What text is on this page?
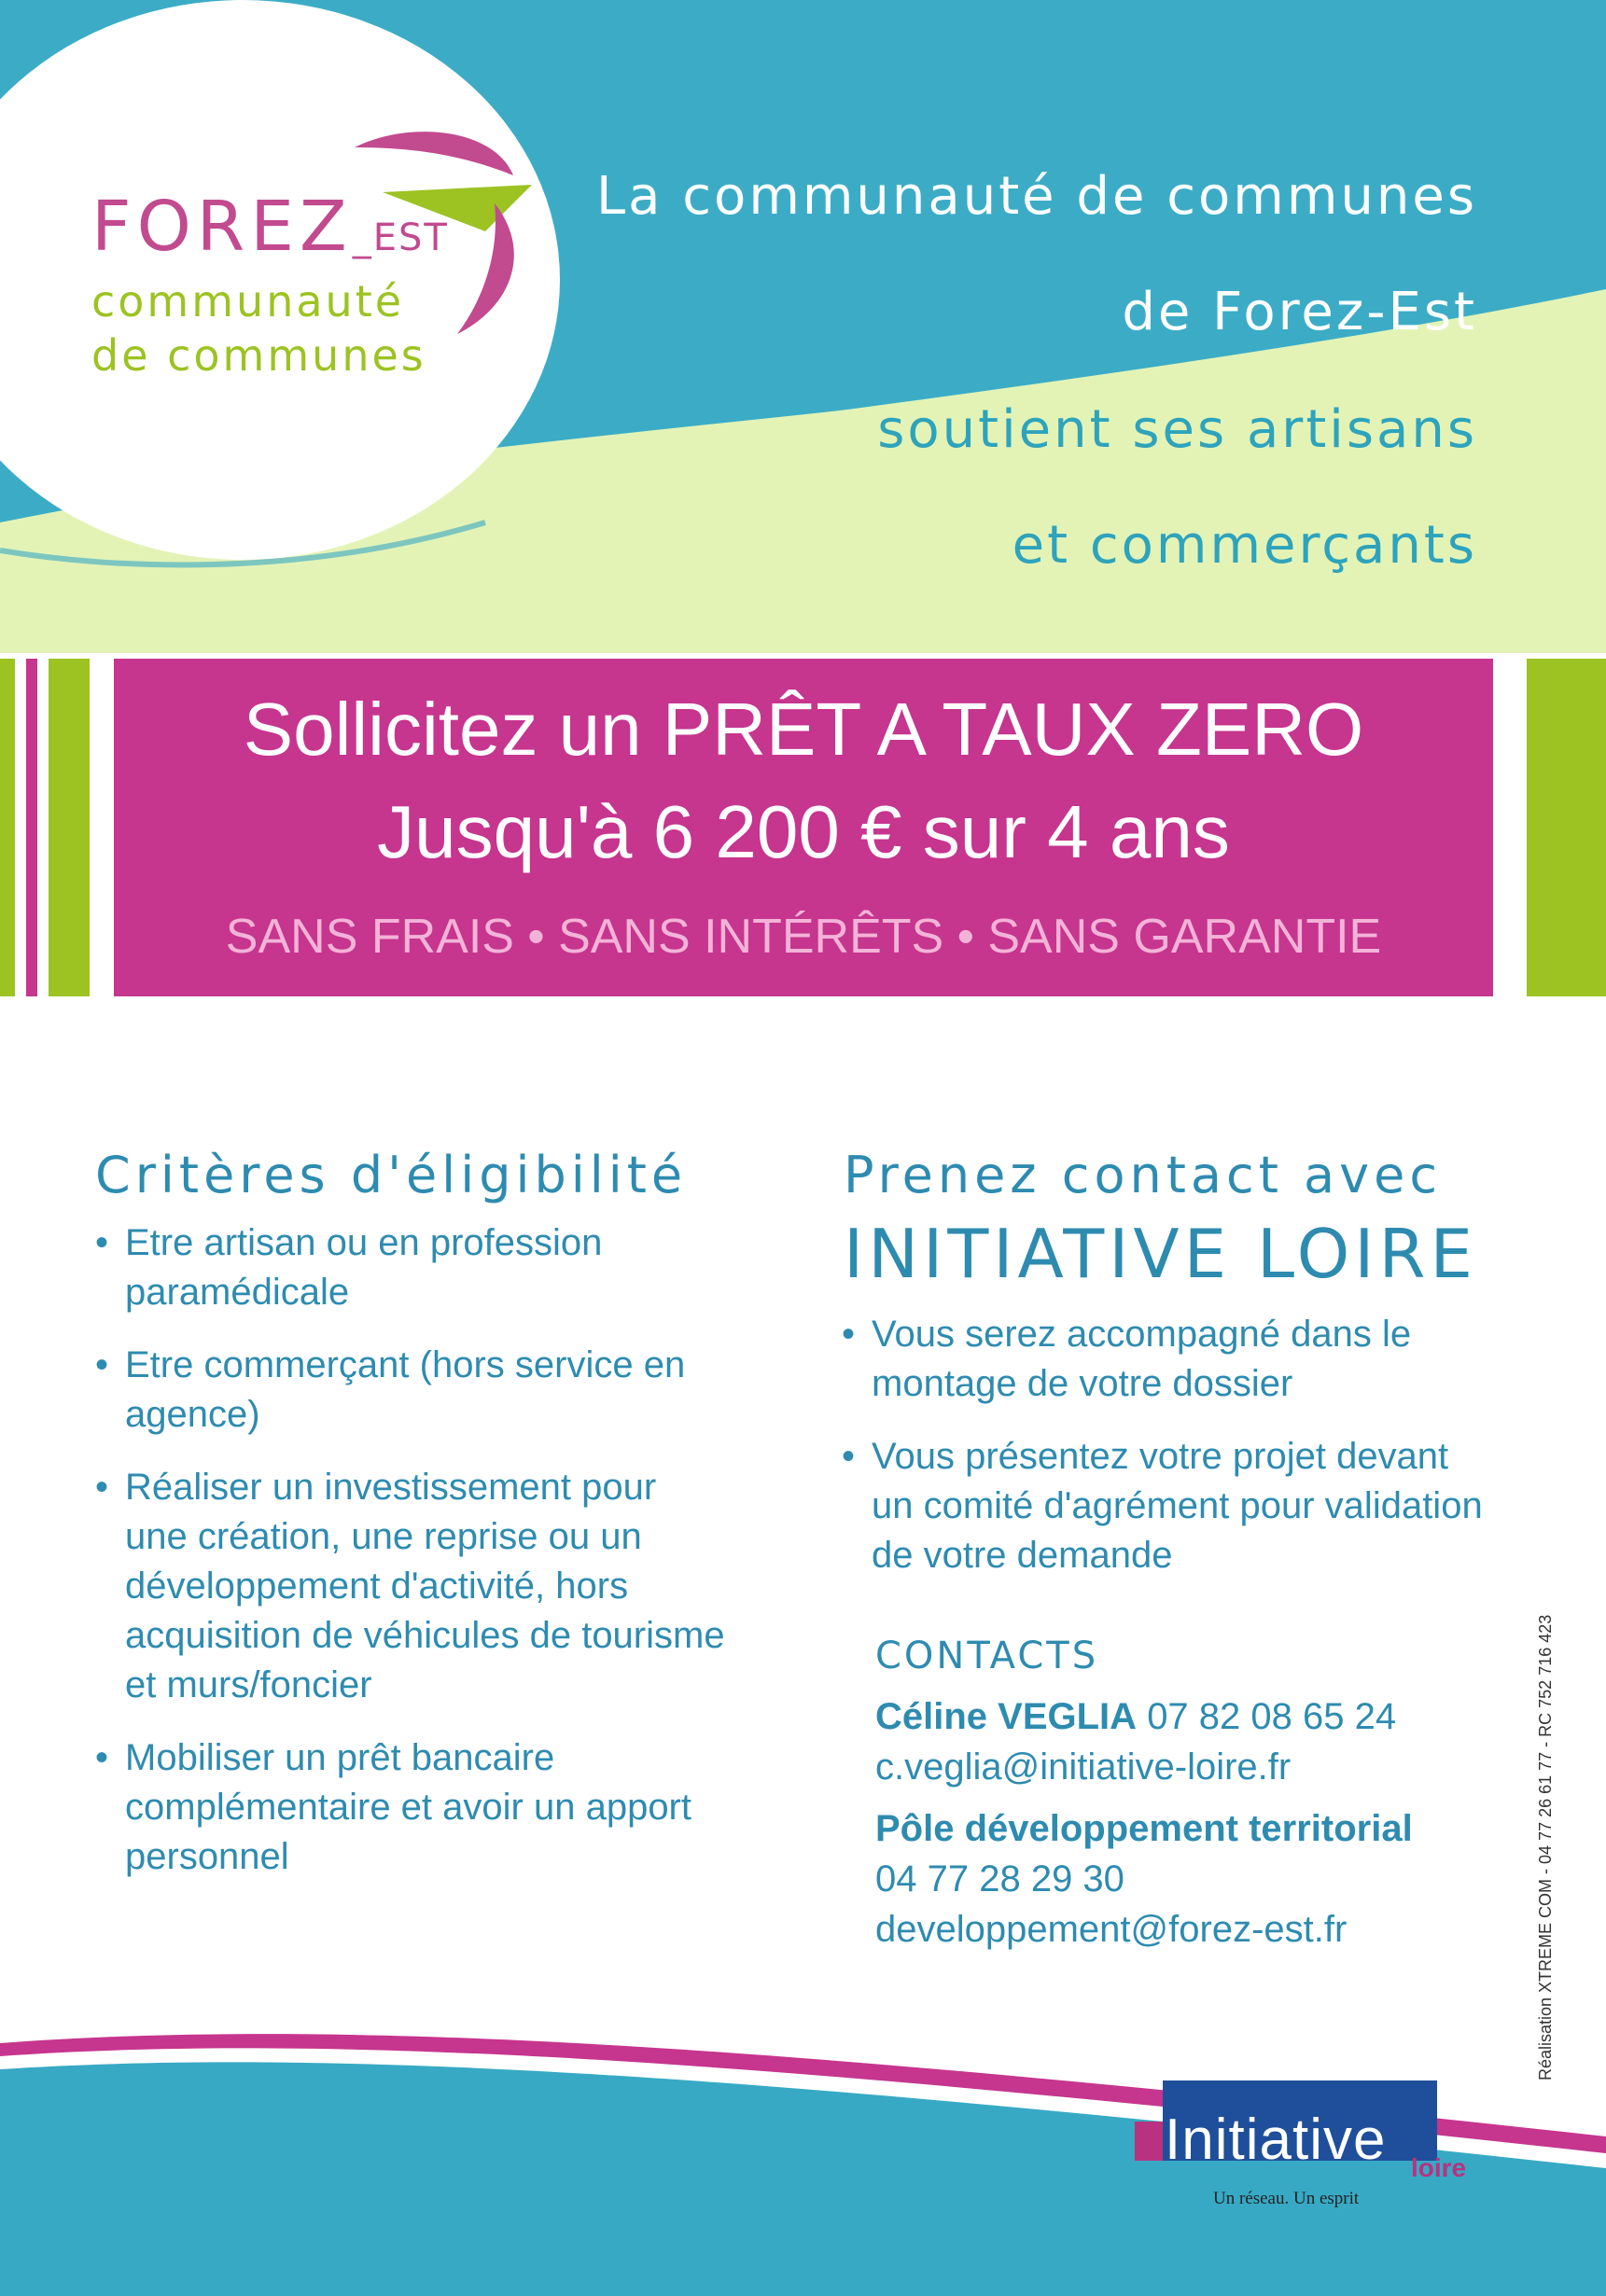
FOREZ_EST
communauté
de communes
La communauté de communes
de Forez-Est
soutient ses artisans
et commerçants
Sollicitez un PRÊT A TAUX ZERO
Jusqu'à 6 200 € sur 4 ans
SANS FRAIS • SANS INTÉRÊTS • SANS GARANTIE
Critères d'éligibilité
• Etre artisan ou en profession paramédicale
• Etre commerçant (hors service en agence)
• Réaliser un investissement pour une création, une reprise ou un développement d'activité, hors acquisition de véhicules de tourisme et murs/foncier
• Mobiliser un prêt bancaire complémentaire et avoir un apport personnel
Prenez contact avec
INITIATIVE LOIRE
• Vous serez accompagné dans le montage de votre dossier
• Vous présentez votre projet devant un comité d'agrément pour validation de votre demande
CONTACTS
Céline VEGLIA 07 82 08 65 24
c.veglia@initiative-loire.fr
Pôle développement territorial
04 77 28 29 30
developpement@forez-est.fr	Réalisation XTREME COM - 04 77 26 61 77 - RC 752 716 423
Initiative loire
Un réseau. Un esprit
